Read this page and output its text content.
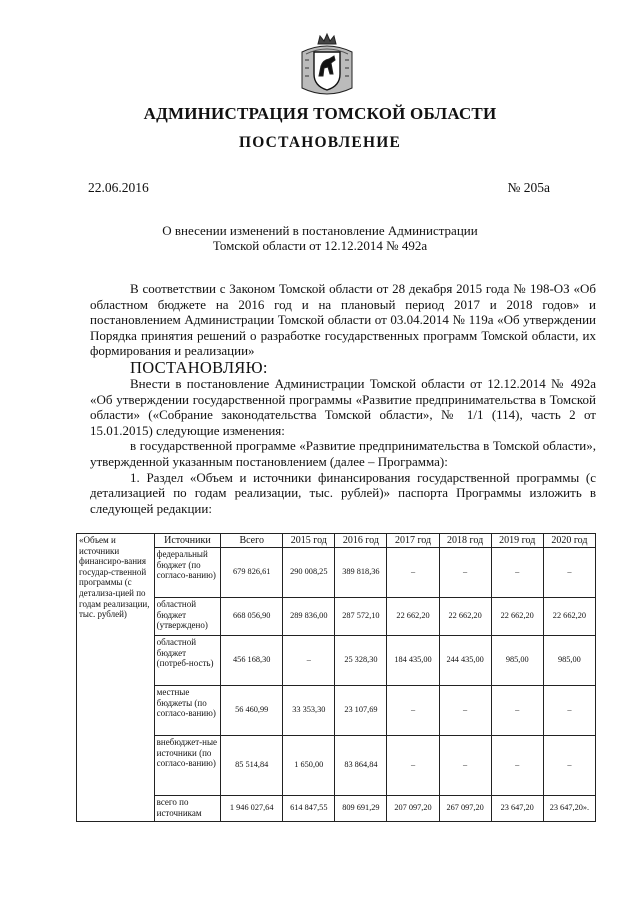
АДМИНИСТРАЦИЯ ТОМСКОЙ ОБЛАСТИ
ПОСТАНОВЛЕНИЕ
22.06.2016	№ 205а
О внесении изменений в постановление Администрации
Томской области от 12.12.2014 № 492а

В соответствии с Законом Томской области от 28 декабря 2015 года № 198-ОЗ «Об областном бюджете на 2016 год и на плановый период 2017 и 2018 годов» и постановлением Администрации Томской области от 03.04.2014 № 119а «Об утверждении Порядка принятия решений о разработке государственных программ Томской области, их формирования и реализации»

ПОСТАНОВЛЯЮ:

Внести в постановление Администрации Томской области от 12.12.2014 № 492а «Об утверждении государственной программы «Развитие предпринимательства в Томской области» («Собрание законодательства Томской области», № 1/1 (114), часть 2 от 15.01.2015) следующие изменения:

в государственной программе «Развитие предпринимательства в Томской области», утвержденной указанным постановлением (далее – Программа):

1. Раздел «Объем и источники финансирования государственной программы (с детализацией по годам реализации, тыс. рублей)» паспорта Программы изложить в следующей редакции:

«Объем и источники финансиро-вания государ-ственной программы (с детализа-цией по годам реализации, тыс. рублей)	Источники	Всего	2015 год	2016 год	2017 год	2018 год	2019 год	2020 год
	федеральный бюджет (по согласо-ванию)	679 826,61	290 008,25	389 818,36	–	–	–	–
	областной бюджет (утверждено)	668 056,90	289 836,00	287 572,10	22 662,20	22 662,20	22 662,20	22 662,20
	областной бюджет (потреб-ность)	456 168,30	–	25 328,30	184 435,00	244 435,00	985,00	985,00
	местные бюджеты (по согласо-ванию)	56 460,99	33 353,30	23 107,69	–	–	–	–
	внебюджет-ные источники (по согласо-ванию)	85 514,84	1 650,00	83 864,84	–	–	–	–
	всего по источникам	1 946 027,64	614 847,55	809 691,29	207 097,20	267 097,20	23 647,20	23 647,20».
